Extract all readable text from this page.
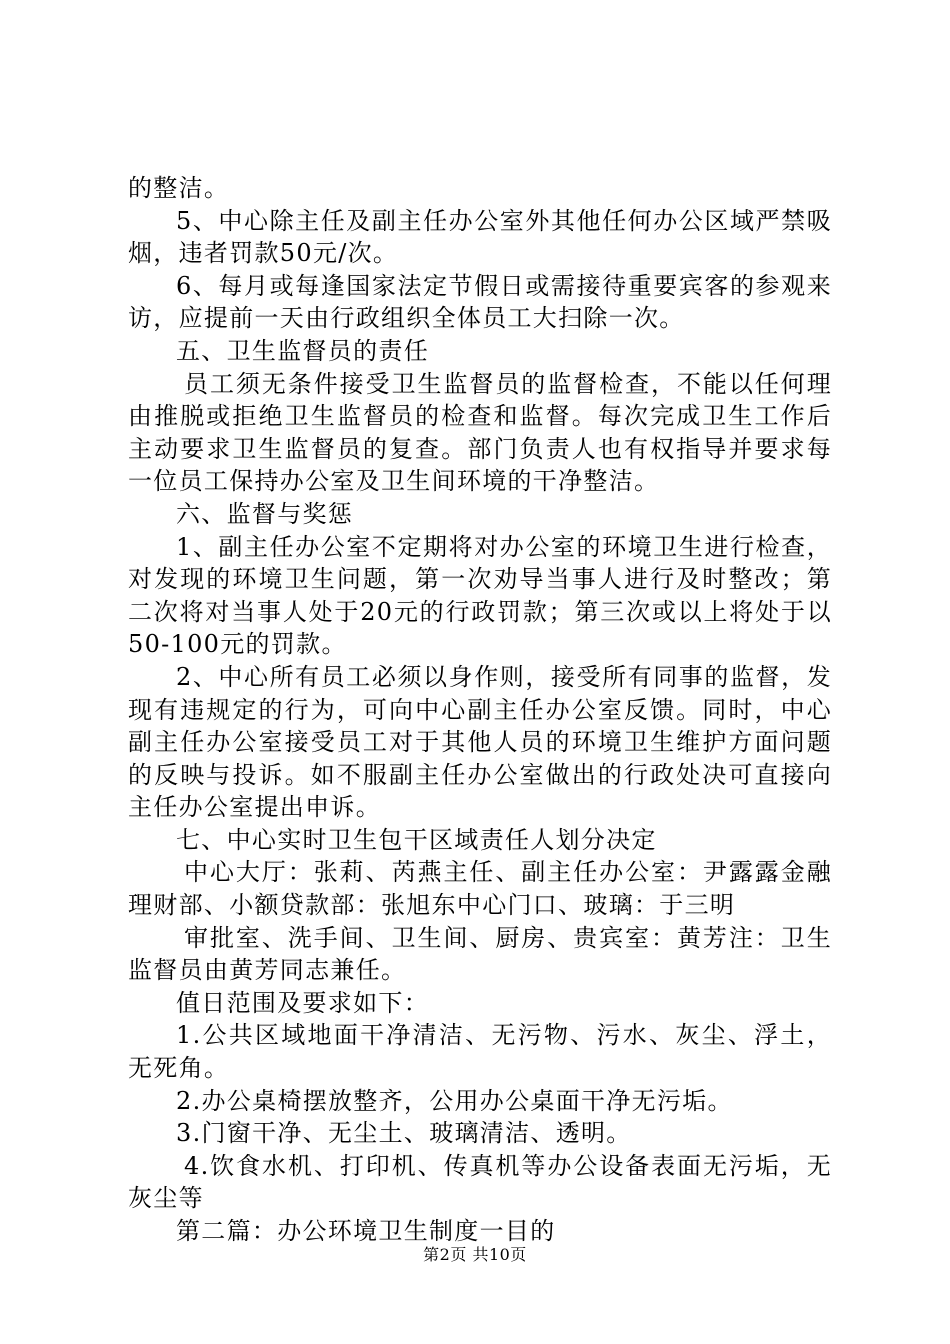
的整洁。

5、中心除主任及副主任办公室外其他任何办公区域严禁吸烟，违者罚款50元/次。

6、每月或每逢国家法定节假日或需接待重要宾客的参观来访，应提前一天由行政组织全体员工大扫除一次。

五、卫生监督员的责任

员工须无条件接受卫生监督员的监督检查，不能以任何理由推脱或拒绝卫生监督员的检查和监督。每次完成卫生工作后主动要求卫生监督员的复查。部门负责人也有权指导并要求每一位员工保持办公室及卫生间环境的干净整洁。

六、监督与奖惩

1、副主任办公室不定期将对办公室的环境卫生进行检查，对发现的环境卫生问题，第一次劝导当事人进行及时整改；第二次将对当事人处于20元的行政罚款；第三次或以上将处于以50-100元的罚款。

2、中心所有员工必须以身作则，接受所有同事的监督，发现有违规定的行为，可向中心副主任办公室反馈。同时，中心副主任办公室接受员工对于其他人员的环境卫生维护方面问题的反映与投诉。如不服副主任办公室做出的行政处决可直接向主任办公室提出申诉。

七、中心实时卫生包干区域责任人划分决定

中心大厅：张莉、芮燕主任、副主任办公室：尹露露金融理财部、小额贷款部：张旭东中心门口、玻璃：于三明

审批室、洗手间、卫生间、厨房、贵宾室：黄芳注：卫生监督员由黄芳同志兼任。

值日范围及要求如下：

1.公共区域地面干净清洁、无污物、污水、灰尘、浮土，无死角。

2.办公桌椅摆放整齐，公用办公桌面干净无污垢。

3.门窗干净、无尘土、玻璃清洁、透明。

4.饮食水机、打印机、传真机等办公设备表面无污垢，无灰尘等

第二篇：办公环境卫生制度一目的

第2页 共10页
